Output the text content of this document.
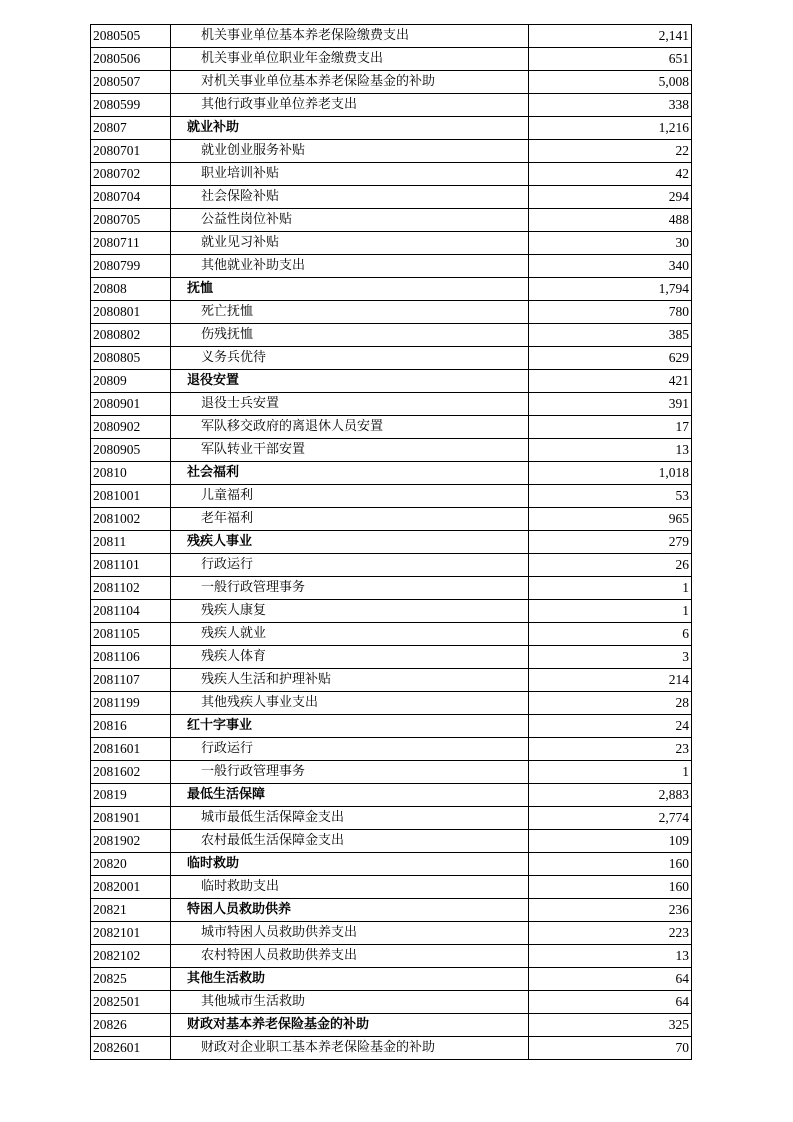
2080505	机关事业单位基本养老保险缴费支出	2,141
2080506	机关事业单位职业年金缴费支出	651
2080507	对机关事业单位基本养老保险基金的补助	5,008
2080599	其他行政事业单位养老支出	338
20807	就业补助	1,216
2080701	就业创业服务补贴	22
2080702	职业培训补贴	42
2080704	社会保险补贴	294
2080705	公益性岗位补贴	488
2080711	就业见习补贴	30
2080799	其他就业补助支出	340
20808	抚恤	1,794
2080801	死亡抚恤	780
2080802	伤残抚恤	385
2080805	义务兵优待	629
20809	退役安置	421
2080901	退役士兵安置	391
2080902	军队移交政府的离退休人员安置	17
2080905	军队转业干部安置	13
20810	社会福利	1,018
2081001	儿童福利	53
2081002	老年福利	965
20811	残疾人事业	279
2081101	行政运行	26
2081102	一般行政管理事务	1
2081104	残疾人康复	1
2081105	残疾人就业	6
2081106	残疾人体育	3
2081107	残疾人生活和护理补贴	214
2081199	其他残疾人事业支出	28
20816	红十字事业	24
2081601	行政运行	23
2081602	一般行政管理事务	1
20819	最低生活保障	2,883
2081901	城市最低生活保障金支出	2,774
2081902	农村最低生活保障金支出	109
20820	临时救助	160
2082001	临时救助支出	160
20821	特困人员救助供养	236
2082101	城市特困人员救助供养支出	223
2082102	农村特困人员救助供养支出	13
20825	其他生活救助	64
2082501	其他城市生活救助	64
20826	财政对基本养老保险基金的补助	325
2082601	财政对企业职工基本养老保险基金的补助	70
